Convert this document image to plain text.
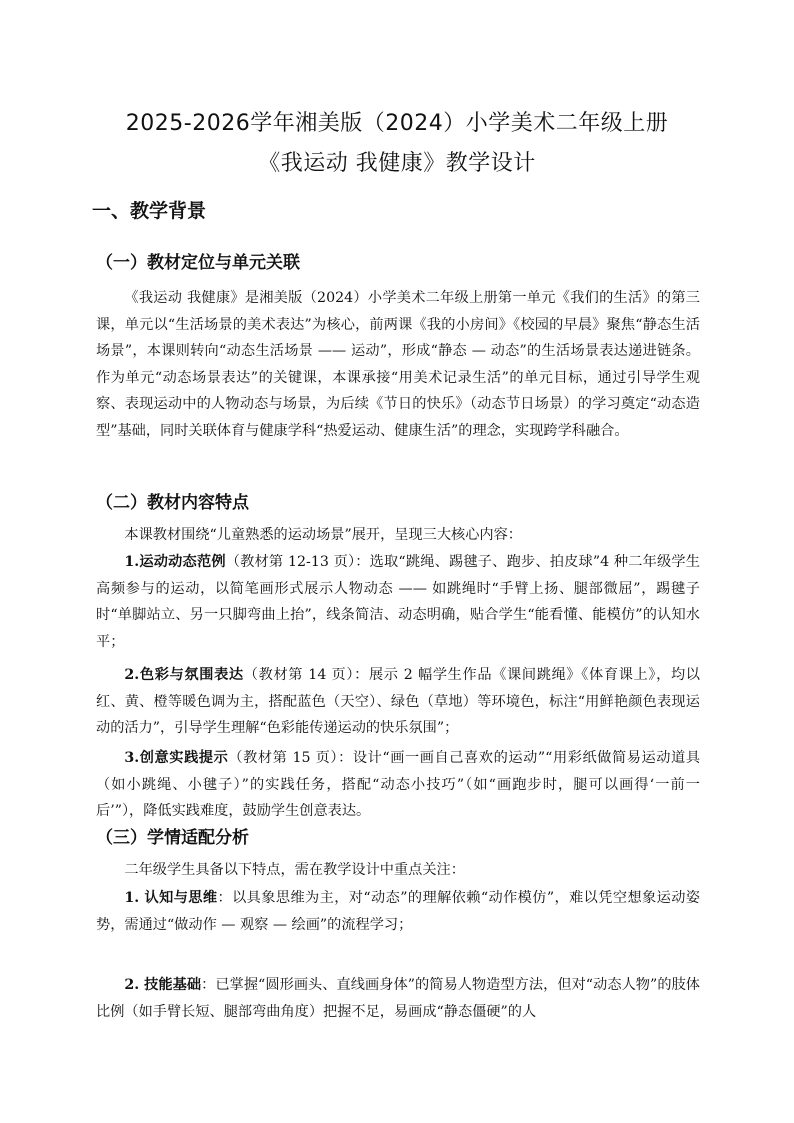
2025-2026学年湘美版（2024）小学美术二年级上册
《我运动 我健康》教学设计
一、教学背景
（一）教材定位与单元关联
《我运动 我健康》是湘美版（2024）小学美术二年级上册第一单元《我们的生活》的第三课，单元以“生活场景的美术表达”为核心，前两课《我的小房间》《校园的早晨》聚焦“静态生活场景”，本课则转向“动态生活场景 —— 运动”，形成“静态 — 动态”的生活场景表达递进链条。作为单元“动态场景表达”的关键课，本课承接“用美术记录生活”的单元目标，通过引导学生观察、表现运动中的人物动态与场景，为后续《节日的快乐》（动态节日场景）的学习奠定“动态造型”基础，同时关联体育与健康学科“热爱运动、健康生活”的理念，实现跨学科融合。
（二）教材内容特点
本课教材围绕“儿童熟悉的运动场景”展开，呈现三大核心内容：
1.运动动态范例（教材第 12-13 页）：选取“跳绳、踢毽子、跑步、拍皮球”4 种二年级学生高频参与的运动，以简笔画形式展示人物动态 —— 如跳绳时“手臂上扬、腿部微屈”，踢毽子时“单脚站立、另一只脚弯曲上抬”，线条简洁、动态明确，贴合学生“能看懂、能模仿”的认知水平；
2.色彩与氛围表达（教材第 14 页）：展示 2 幅学生作品《课间跳绳》《体育课上》，均以红、黄、橙等暖色调为主，搭配蓝色（天空）、绿色（草地）等环境色，标注“用鲜艳颜色表现运动的活力”，引导学生理解“色彩能传递运动的快乐氛围”；
3.创意实践提示（教材第 15 页）：设计“画一画自己喜欢的运动”“用彩纸做简易运动道具（如小跳绳、小毽子）”的实践任务，搭配“动态小技巧”（如“画跑步时，腿可以画得‘一前一后’”），降低实践难度，鼓励学生创意表达。
（三）学情适配分析
二年级学生具备以下特点，需在教学设计中重点关注：
1. 认知与思维：以具象思维为主，对“动态”的理解依赖“动作模仿”，难以凭空想象运动姿势，需通过“做动作 — 观察 — 绘画”的流程学习；
2. 技能基础：已掌握“圆形画头、直线画身体”的简易人物造型方法，但对“动态人物”的肢体比例（如手臂长短、腿部弯曲角度）把握不足，易画成“静态僵硬”的人
